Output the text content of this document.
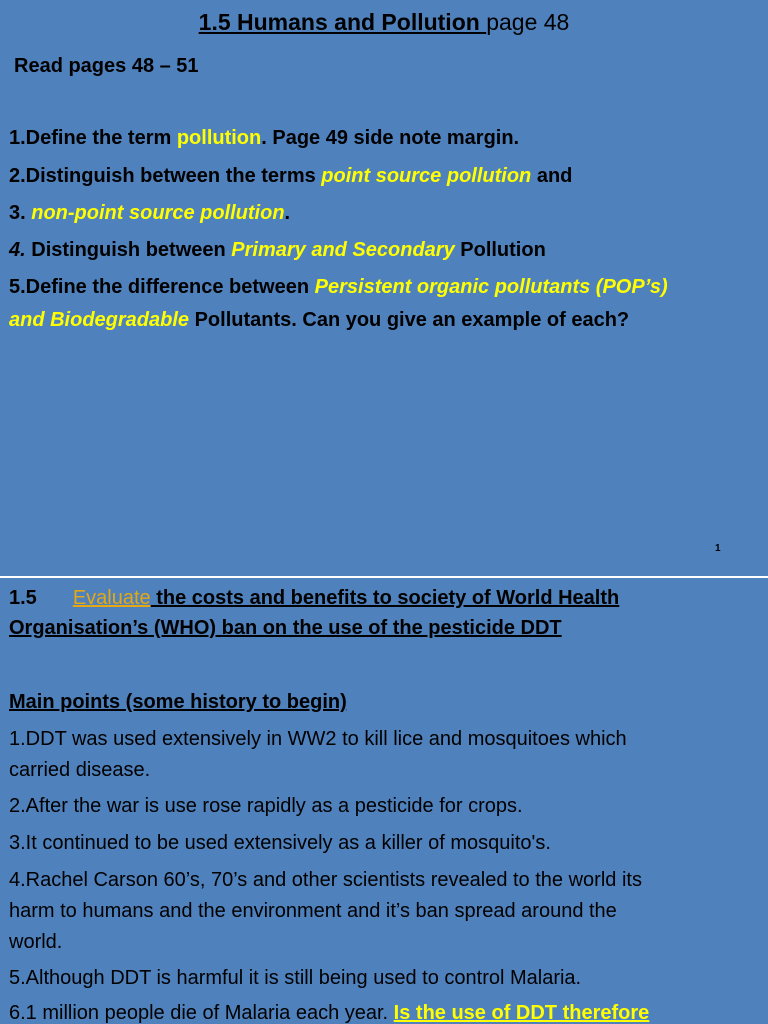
1.5 Humans and Pollution page 48
Read pages 48 – 51
1.Define the term pollution. Page 49 side note margin.
2.Distinguish between the terms point source pollution and
3. non-point source pollution.
4. Distinguish between Primary and Secondary Pollution
5.Define the difference between Persistent organic pollutants (POP’s)
and Biodegradable Pollutants. Can you give an example of each?
1
1.5 Evaluate the costs and benefits to society of World Health
Organisation’s (WHO) ban on the use of the pesticide DDT
Main points (some history to begin)
1.DDT was used extensively in WW2 to kill lice and mosquitoes which
carried disease.
2.After the war is use rose rapidly as a pesticide for crops.
3.It continued to be used extensively as a killer of mosquito's.
4.Rachel Carson 60’s, 70’s and other scientists revealed to the world its
harm to humans and the environment and it’s ban spread around the
world.
5.Although DDT is harmful it is still being used to control Malaria.
6.1 million people die of Malaria each year. Is the use of DDT therefore
